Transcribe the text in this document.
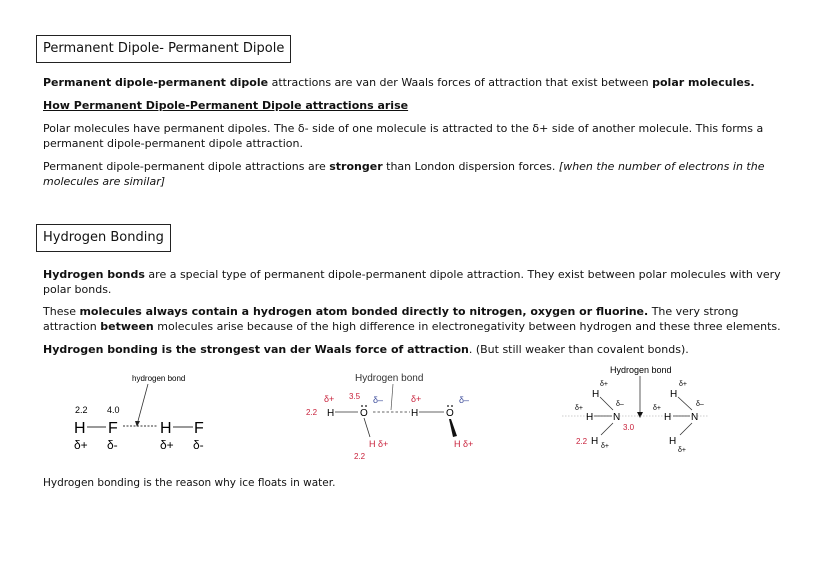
Permanent Dipole- Permanent Dipole
Permanent dipole-permanent dipole attractions are van der Waals forces of attraction that exist between polar molecules.
How Permanent Dipole-Permanent Dipole attractions arise
Polar molecules have permanent dipoles. The δ- side of one molecule is attracted to the δ+ side of another molecule. This forms a permanent dipole-permanent dipole attraction.
Permanent dipole-permanent dipole attractions are stronger than London dispersion forces. [when the number of electrons in the molecules are similar]
Hydrogen Bonding
Hydrogen bonds are a special type of permanent dipole-permanent dipole attraction. They exist between polar molecules with very polar bonds.
These molecules always contain a hydrogen atom bonded directly to nitrogen, oxygen or fluorine. The very strong attraction between molecules arise because of the high difference in electronegativity between hydrogen and these three elements.
Hydrogen bonding is the strongest van der Waals force of attraction. (But still weaker than covalent bonds).
hydrogen bond
2.2 4.0
H F	H F
δ+ δ-	δ+ δ-
Hydrogen bond
δ+ 3.5 δ–	δ+	δ–
2.2 H	O	H	O
H δ+	H δ+
2.2
Hydrogen bond
δ+
H
δ+
H
δ–
N
3.0
2.2 H δ+
δ+
H
δ+
H
δ–
N
H
δ+
Hydrogen bonding is the reason why ice floats in water.
